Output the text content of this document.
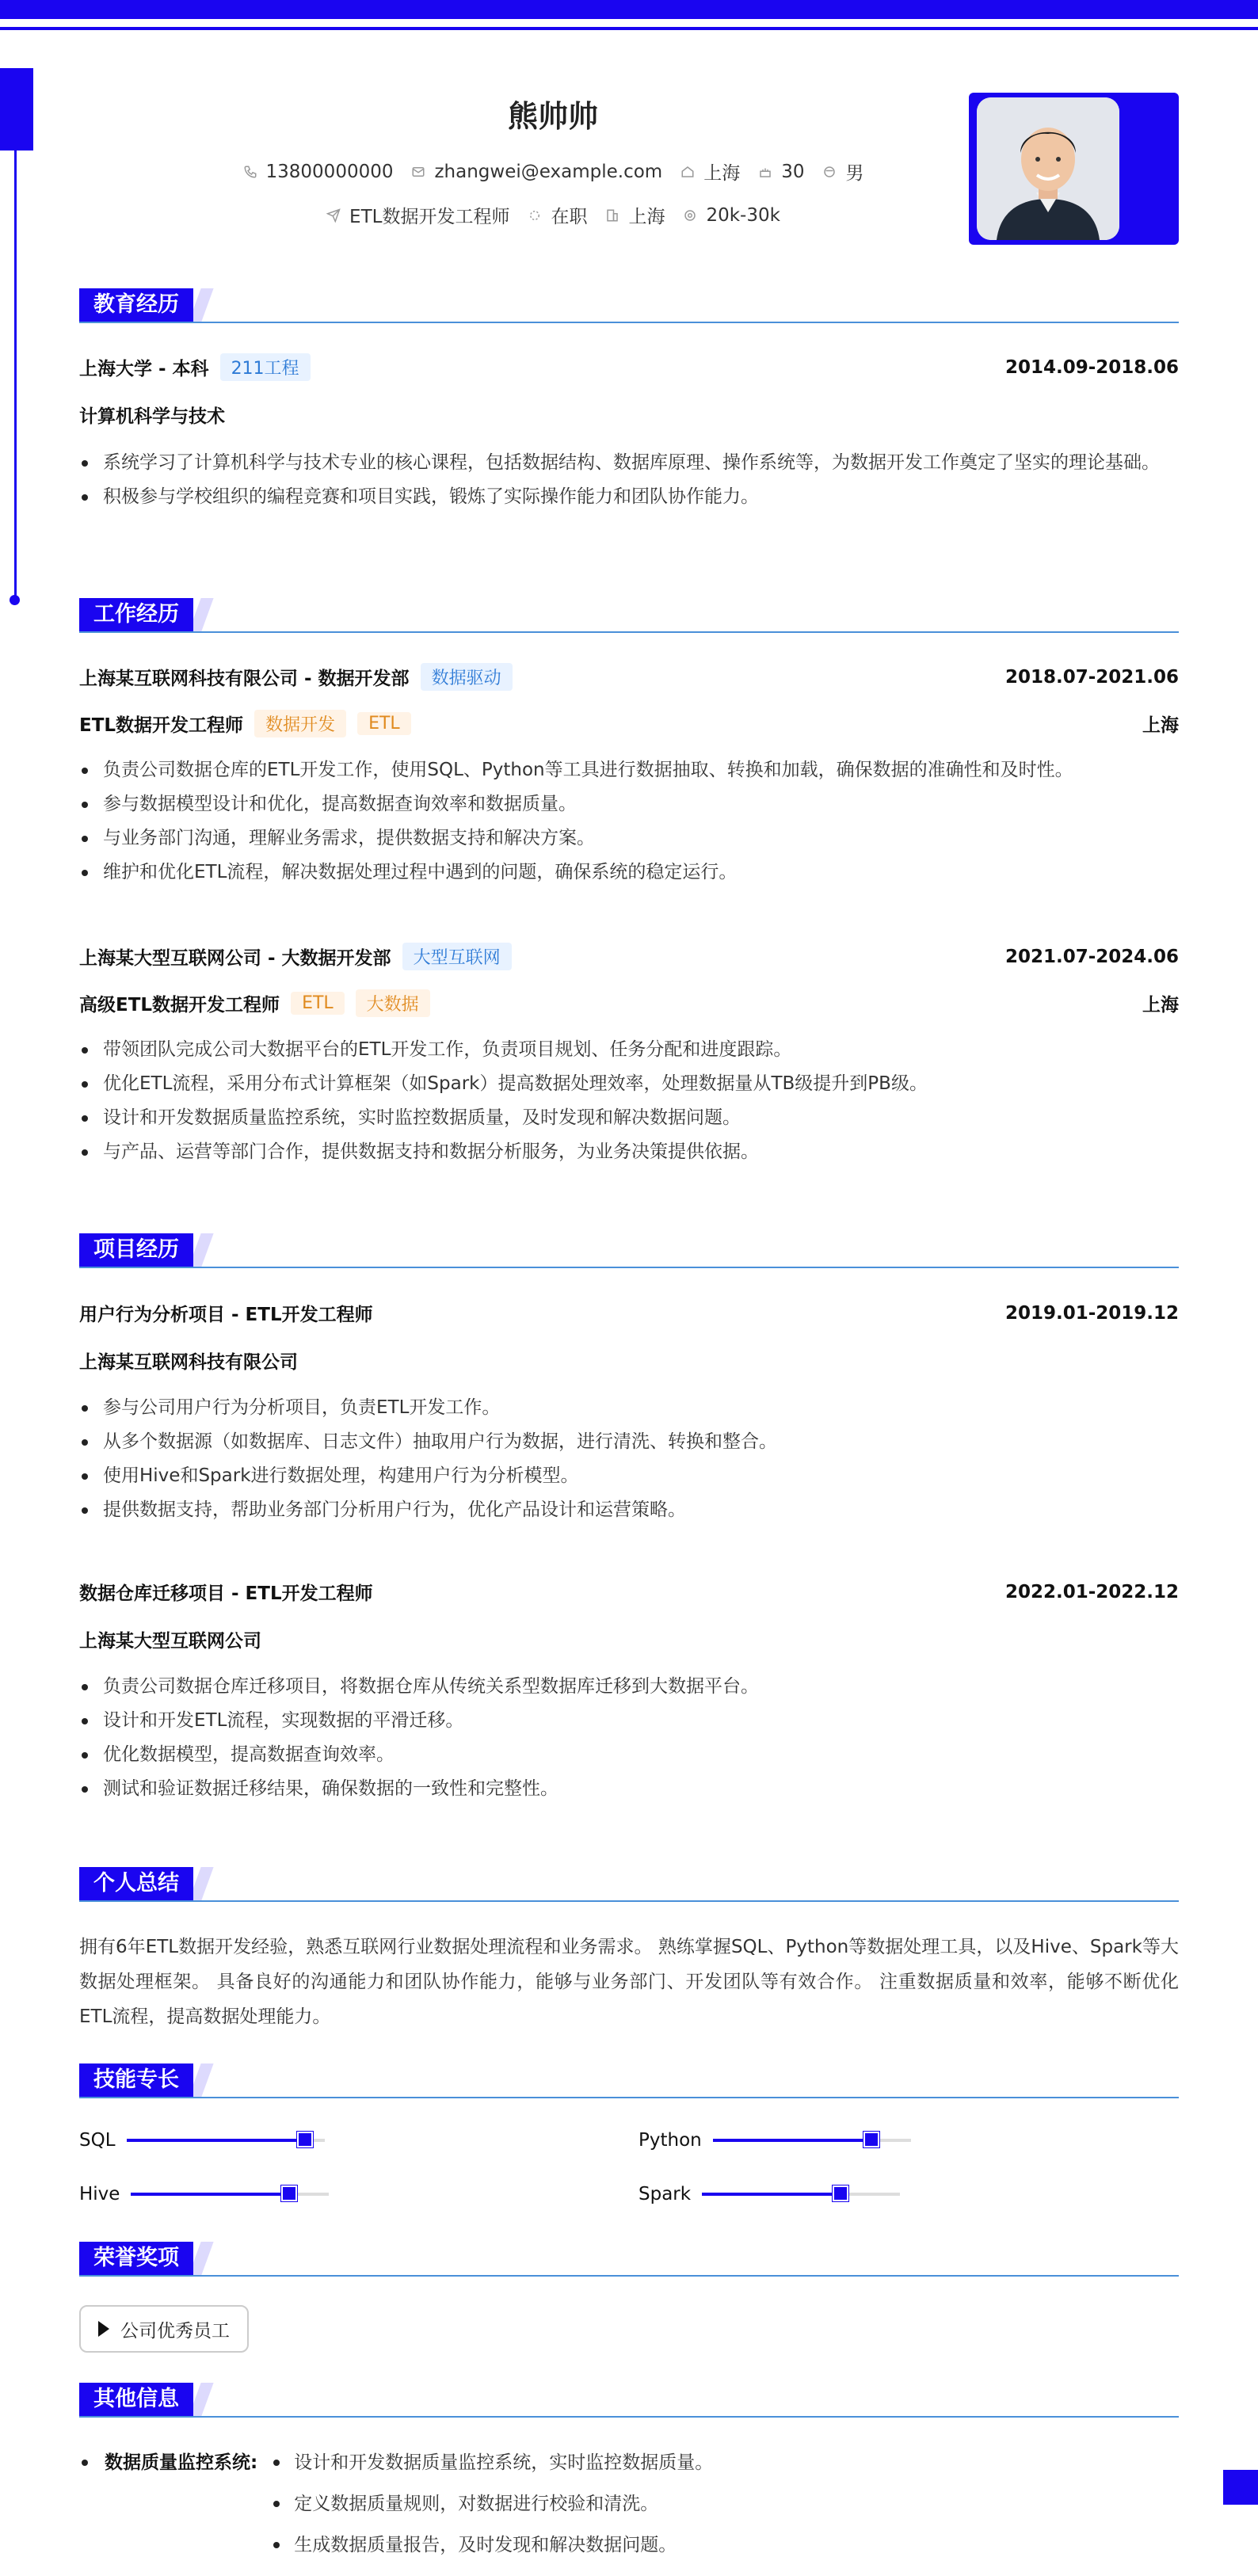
熊帅帅
13800000000 zhangwei@example.com 上海 30 男
ETL数据开发工程师 在职 上海 20k-30k
教育经历
上海大学 - 本科	211工程	2014.09-2018.06
计算机科学与技术
系统学习了计算机科学与技术专业的核心课程，包括数据结构、数据库原理、操作系统等，为数据开发工作奠定了坚实的理论基础。
积极参与学校组织的编程竞赛和项目实践，锻炼了实际操作能力和团队协作能力。
工作经历
上海某互联网科技有限公司 - 数据开发部	数据驱动	2018.07-2021.06
ETL数据开发工程师	数据开发	ETL	上海
负责公司数据仓库的ETL开发工作，使用SQL、Python等工具进行数据抽取、转换和加载，确保数据的准确性和及时性。
参与数据模型设计和优化，提高数据查询效率和数据质量。
与业务部门沟通，理解业务需求，提供数据支持和解决方案。
维护和优化ETL流程，解决数据处理过程中遇到的问题，确保系统的稳定运行。
上海某大型互联网公司 - 大数据开发部	大型互联网	2021.07-2024.06
高级ETL数据开发工程师	ETL	大数据	上海
带领团队完成公司大数据平台的ETL开发工作，负责项目规划、任务分配和进度跟踪。
优化ETL流程，采用分布式计算框架（如Spark）提高数据处理效率，处理数据量从TB级提升到PB级。
设计和开发数据质量监控系统，实时监控数据质量，及时发现和解决数据问题。
与产品、运营等部门合作，提供数据支持和数据分析服务，为业务决策提供依据。
项目经历
用户行为分析项目 - ETL开发工程师	2019.01-2019.12
上海某互联网科技有限公司
参与公司用户行为分析项目，负责ETL开发工作。
从多个数据源（如数据库、日志文件）抽取用户行为数据，进行清洗、转换和整合。
使用Hive和Spark进行数据处理，构建用户行为分析模型。
提供数据支持，帮助业务部门分析用户行为，优化产品设计和运营策略。
数据仓库迁移项目 - ETL开发工程师	2022.01-2022.12
上海某大型互联网公司
负责公司数据仓库迁移项目，将数据仓库从传统关系型数据库迁移到大数据平台。
设计和开发ETL流程，实现数据的平滑迁移。
优化数据模型，提高数据查询效率。
测试和验证数据迁移结果，确保数据的一致性和完整性。
个人总结
拥有6年ETL数据开发经验，熟悉互联网行业数据处理流程和业务需求。 熟练掌握SQL、Python等数据处理工具，以及Hive、Spark等大数据处理框架。 具备良好的沟通能力和团队协作能力，能够与业务部门、开发团队等有效合作。 注重数据质量和效率，能够不断优化ETL流程，提高数据处理能力。
技能专长
SQL	Python
Hive	Spark
荣誉奖项
公司优秀员工
其他信息
数据质量监控系统:	设计和开发数据质量监控系统，实时监控数据质量。
定义数据质量规则，对数据进行校验和清洗。
生成数据质量报告，及时发现和解决数据问题。
